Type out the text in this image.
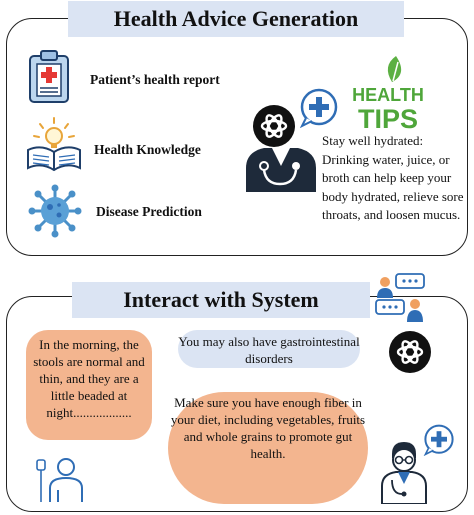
Health Advice Generation
Patient’s health report
Health Knowledge
Disease Prediction
HEALTH
TIPS
Stay well hydrated: Drinking water, juice, or broth can help keep your body hydrated, relieve sore throats, and loosen mucus.
Interact with System
In the morning, the stools are normal and thin, and they are a little beaded at night..................
You may also have gastrointestinal disorders
Make sure you have enough fiber in your diet, including vegetables, fruits and whole grains to promote gut health.
